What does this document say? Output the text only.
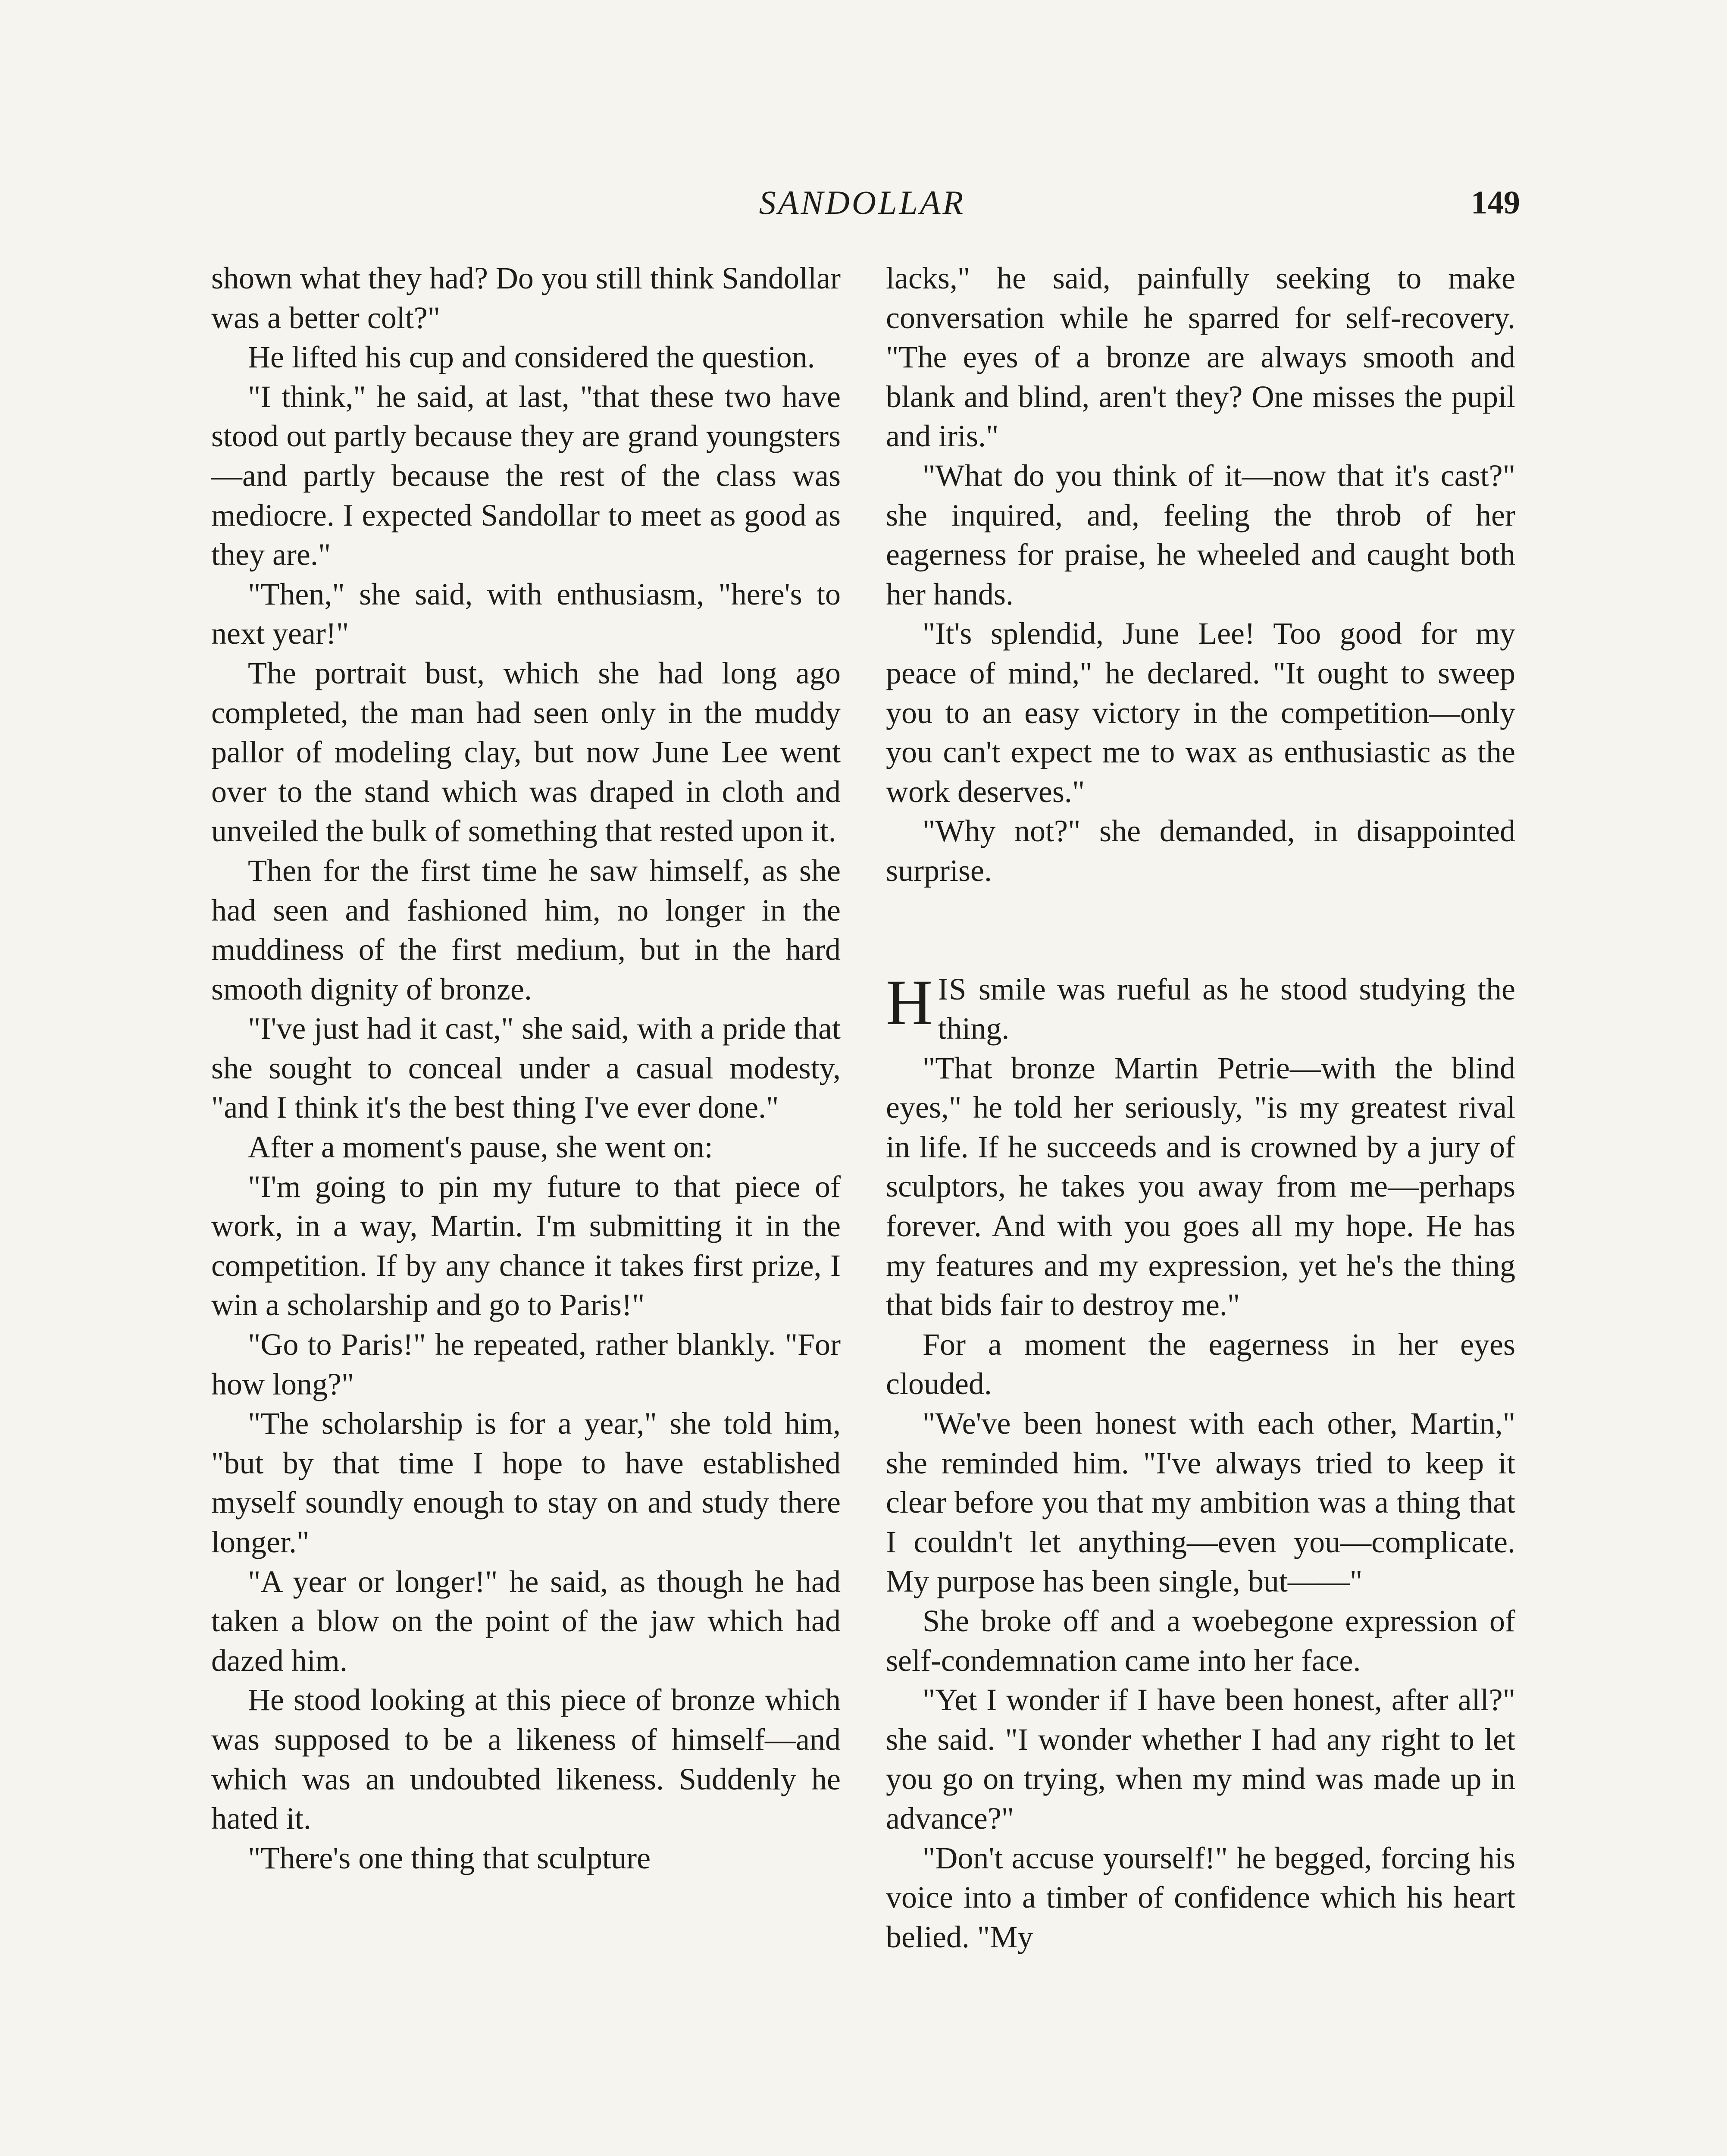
SANDOLLAR	149

shown what they had? Do you still think Sandollar was a better colt?"

He lifted his cup and considered the question.

"I think," he said, at last, "that these two have stood out partly because they are grand youngsters—and partly because the rest of the class was mediocre. I expected Sandollar to meet as good as they are."

"Then," she said, with enthusiasm, "here's to next year!"

The portrait bust, which she had long ago completed, the man had seen only in the muddy pallor of modeling clay, but now June Lee went over to the stand which was draped in cloth and unveiled the bulk of something that rested upon it.

Then for the first time he saw himself, as she had seen and fashioned him, no longer in the muddiness of the first medium, but in the hard smooth dignity of bronze.

"I've just had it cast," she said, with a pride that she sought to conceal under a casual modesty, "and I think it's the best thing I've ever done."

After a moment's pause, she went on:

"I'm going to pin my future to that piece of work, in a way, Martin. I'm submitting it in the competition. If by any chance it takes first prize, I win a scholarship and go to Paris!"

"Go to Paris!" he repeated, rather blankly. "For how long?"

"The scholarship is for a year," she told him, "but by that time I hope to have established myself soundly enough to stay on and study there longer."

"A year or longer!" he said, as though he had taken a blow on the point of the jaw which had dazed him.

He stood looking at this piece of bronze which was supposed to be a likeness of himself—and which was an undoubted likeness. Suddenly he hated it.

"There's one thing that sculpture

lacks," he said, painfully seeking to make conversation while he sparred for self-recovery. "The eyes of a bronze are always smooth and blank and blind, aren't they? One misses the pupil and iris."

"What do you think of it—now that it's cast?" she inquired, and, feeling the throb of her eagerness for praise, he wheeled and caught both her hands.

"It's splendid, June Lee! Too good for my peace of mind," he declared. "It ought to sweep you to an easy victory in the competition—only you can't expect me to wax as enthusiastic as the work deserves."

"Why not?" she demanded, in disappointed surprise.

HIS smile was rueful as he stood studying the thing.

"That bronze Martin Petrie—with the blind eyes," he told her seriously, "is my greatest rival in life. If he succeeds and is crowned by a jury of sculptors, he takes you away from me—perhaps forever. And with you goes all my hope. He has my features and my expression, yet he's the thing that bids fair to destroy me."

For a moment the eagerness in her eyes clouded.

"We've been honest with each other, Martin," she reminded him. "I've always tried to keep it clear before you that my ambition was a thing that I couldn't let anything—even you—complicate. My purpose has been single, but——"

She broke off and a woebegone expression of self-condemnation came into her face.

"Yet I wonder if I have been honest, after all?" she said. "I wonder whether I had any right to let you go on trying, when my mind was made up in advance?"

"Don't accuse yourself!" he begged, forcing his voice into a timber of confidence which his heart belied. "My
